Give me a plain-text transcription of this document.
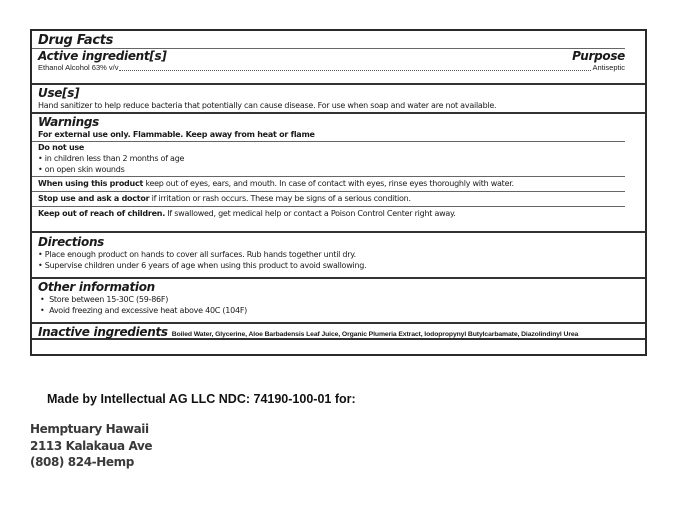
Drug Facts
Active ingredient[s]	Purpose
Ethanol Alcohol 63% v/v	Antiseptic
Use[s]
Hand sanitizer to help reduce bacteria that potentially can cause disease. For use when soap and water are not available.
Warnings
For external use only. Flammable. Keep away from heat or flame
Do not use
• in children less than 2 months of age
• on open skin wounds
When using this product keep out of eyes, ears, and mouth. In case of contact with eyes, rinse eyes thoroughly with water.
Stop use and ask a doctor if irritation or rash occurs. These may be signs of a serious condition.
Keep out of reach of children. If swallowed, get medical help or contact a Poison Control Center right away.
Directions
• Place enough product on hands to cover all surfaces. Rub hands together until dry.
• Supervise children under 6 years of age when using this product to avoid swallowing.
Other information
•  Store between 15-30C (59-86F)
•  Avoid freezing and excessive heat above 40C (104F)
Inactive ingredients Boiled Water, Glycerine, Aloe Barbadensis Leaf Juice, Organic Plumeria Extract, Iodopropynyl Butylcarbamate, Diazolindinyl Urea
Made by Intellectual AG LLC NDC: 74190-100-01 for:
Hemptuary Hawaii
2113 Kalakaua Ave
(808) 824-Hemp
